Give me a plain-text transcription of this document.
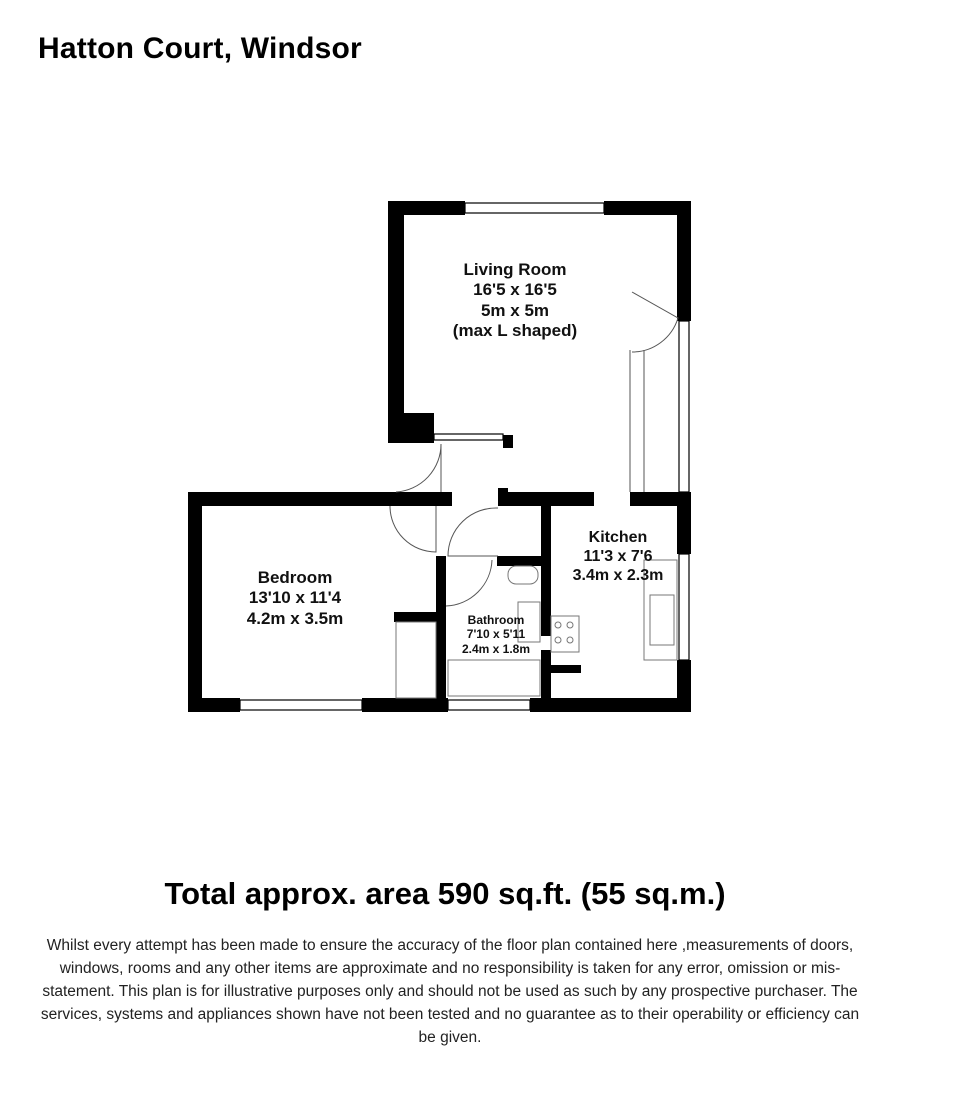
Hatton Court, Windsor
Living Room
16'5 x 16'5
5m x 5m
(max L shaped)
Kitchen
11'3 x 7'6
3.4m x 2.3m
Bedroom
13'10 x 11'4
4.2m x 3.5m	Bathroom
7'10 x 5'11
2.4m x 1.8m

Total approx. area 590 sq.ft. (55 sq.m.)

Whilst every attempt has been made to ensure the accuracy of the floor plan contained here ,measurements of doors, windows, rooms and any other items are approximate and no responsibility is taken for any error, omission or mis-statement. This plan is for illustrative purposes only and should not be used as such by any prospective purchaser. The services, systems and appliances shown have not been tested and no guarantee as to their operability or efficiency can be given.
